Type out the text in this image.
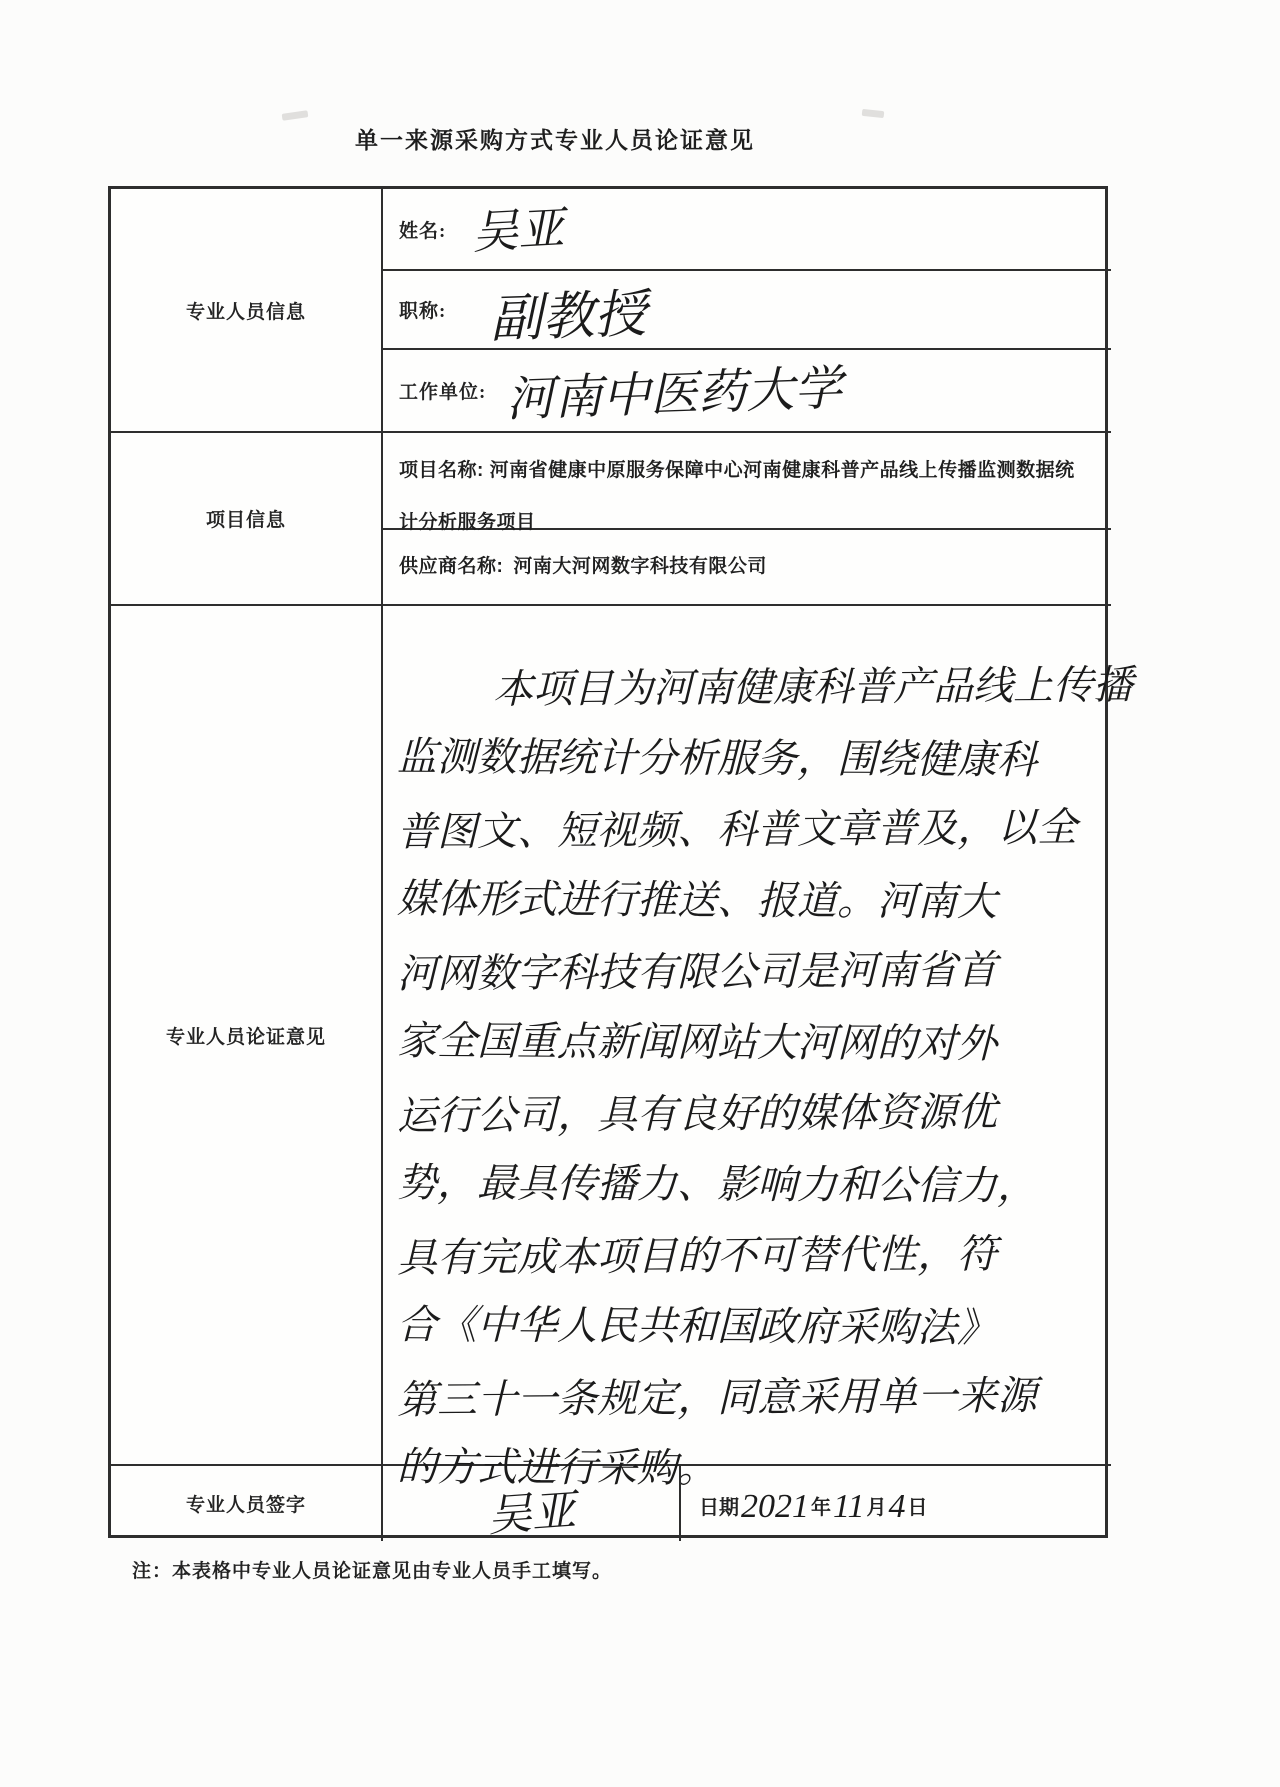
单一来源采购方式专业人员论证意见
专业人员信息
姓名: 吴亚
职称: 副教授
工作单位: 河南中医药大学
项目信息
项目名称: 河南省健康中原服务保障中心河南健康科普产品线上传播监测数据统计分析服务项目
供应商名称: 河南大河网数字科技有限公司
专业人员论证意见
本项目为河南健康科普产品线上传播
监测数据统计分析服务，围绕健康科
普图文、短视频、科普文章普及，以全
媒体形式进行推送、报道。河南大
河网数字科技有限公司是河南省首
家全国重点新闻网站大河网的对外
运行公司，具有良好的媒体资源优
势，最具传播力、影响力和公信力，
具有完成本项目的不可替代性，符
合《中华人民共和国政府采购法》
第三十一条规定，同意采用单一来源
的方式进行采购。
专业人员签字	吴亚	日期 2021 年 11 月 4 日
注：本表格中专业人员论证意见由专业人员手工填写。
